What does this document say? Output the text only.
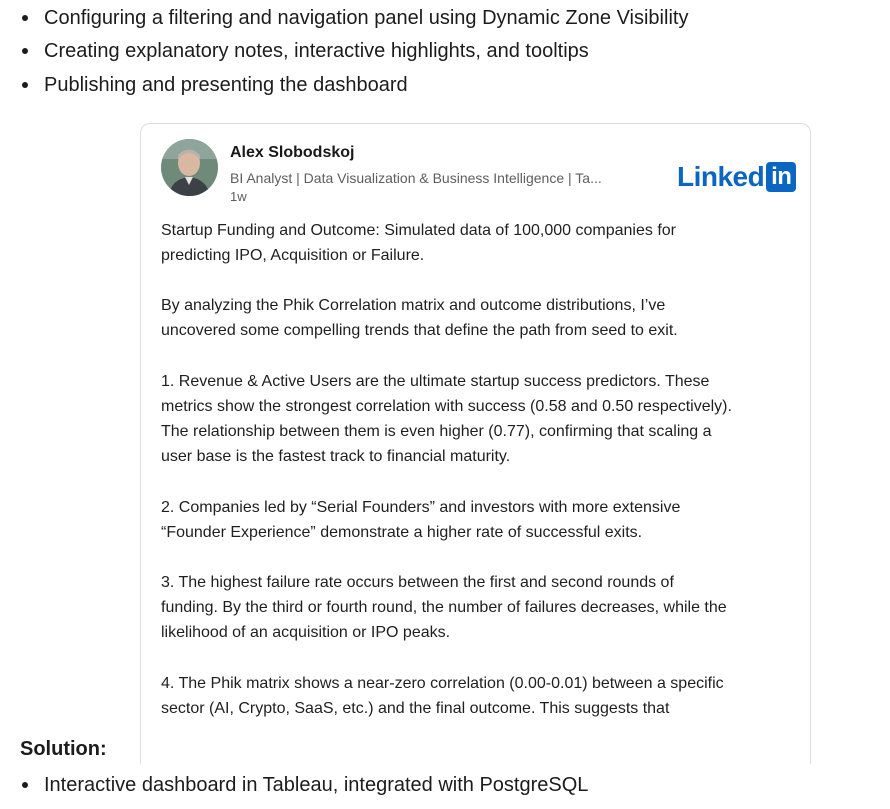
Configuring a filtering and navigation panel using Dynamic Zone Visibility
Creating explanatory notes, interactive highlights, and tooltips
Publishing and presenting the dashboard
Alex Slobodskoj
BI Analyst | Data Visualization & Business Intelligence | Ta...
1w
Linked in
Startup Funding and Outcome: Simulated data of 100,000 companies for
predicting IPO, Acquisition or Failure.
By analyzing the Phik Correlation matrix and outcome distributions, I’ve
uncovered some compelling trends that define the path from seed to exit.
1. Revenue & Active Users are the ultimate startup success predictors. These
metrics show the strongest correlation with success (0.58 and 0.50 respectively).
The relationship between them is even higher (0.77), confirming that scaling a
user base is the fastest track to financial maturity.
2. Companies led by “Serial Founders” and investors with more extensive
“Founder Experience” demonstrate a higher rate of successful exits.
3. The highest failure rate occurs between the first and second rounds of
funding. By the third or fourth round, the number of failures decreases, while the
likelihood of an acquisition or IPO peaks.
4. The Phik matrix shows a near-zero correlation (0.00-0.01) between a specific
sector (AI, Crypto, SaaS, etc.) and the final outcome. This suggests that
Solution:
Interactive dashboard in Tableau, integrated with PostgreSQL
